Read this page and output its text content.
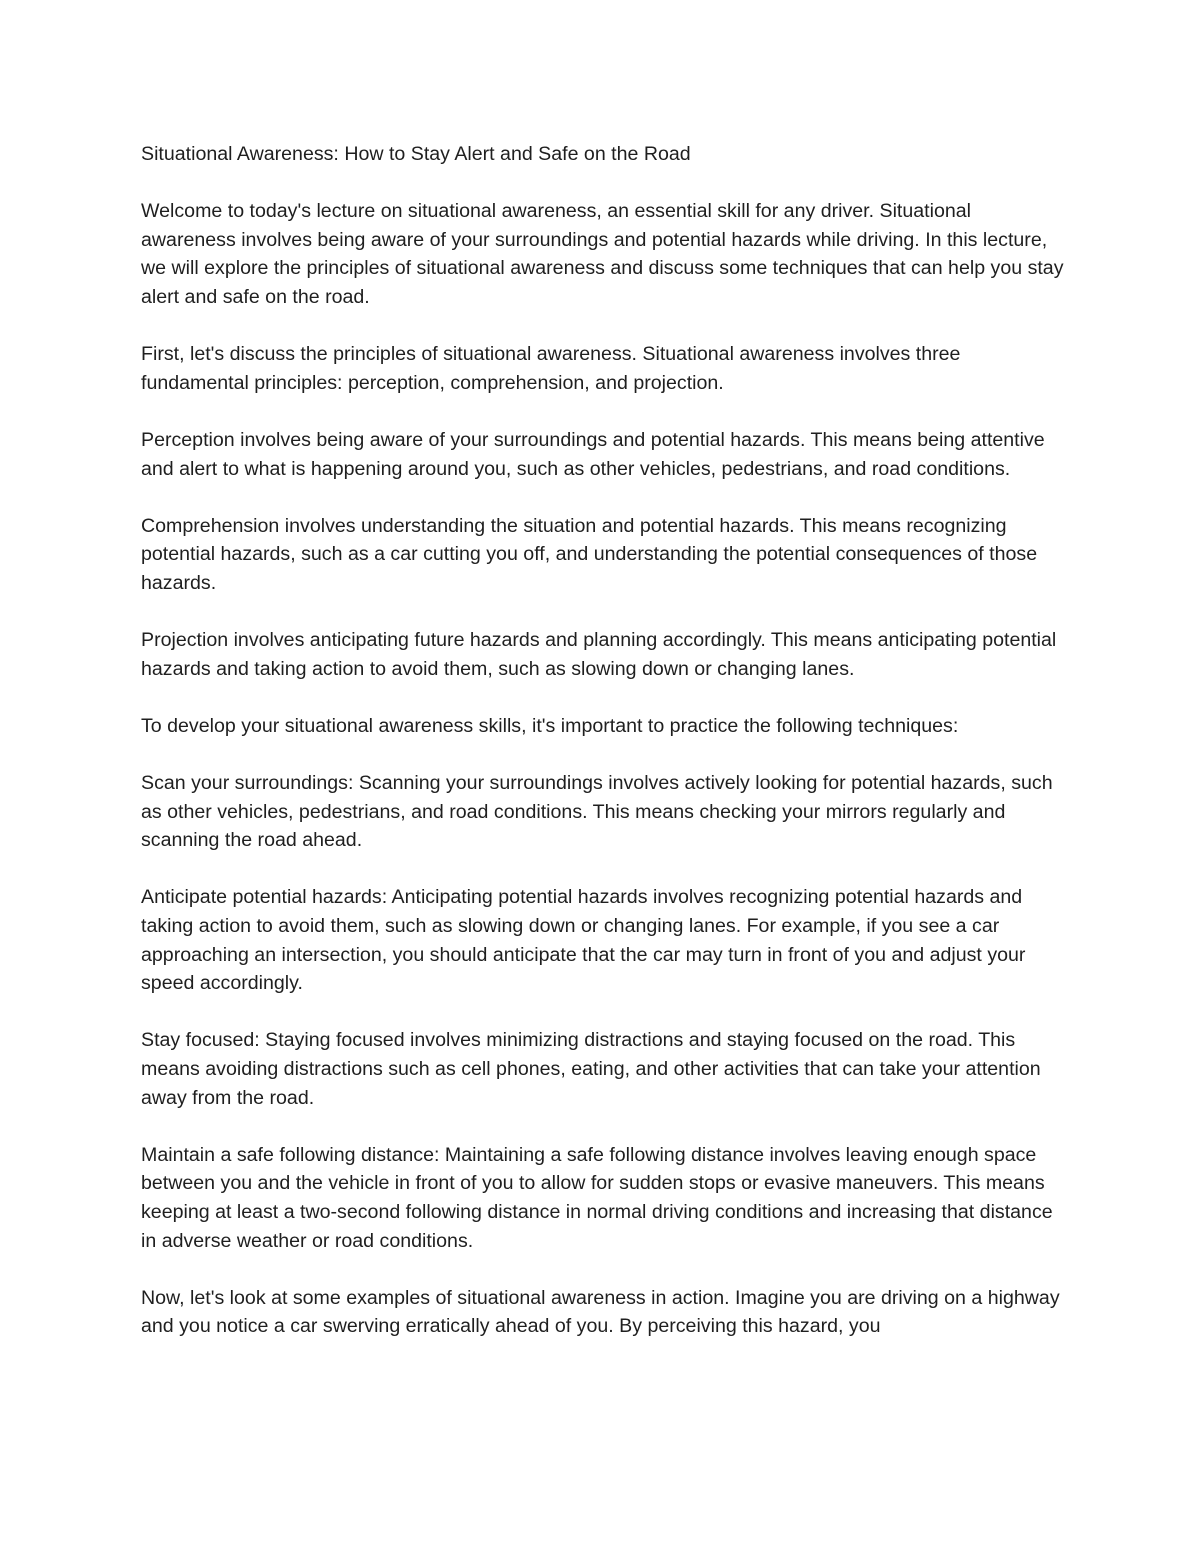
Situational Awareness: How to Stay Alert and Safe on the Road

Welcome to today's lecture on situational awareness, an essential skill for any driver. Situational awareness involves being aware of your surroundings and potential hazards while driving. In this lecture, we will explore the principles of situational awareness and discuss some techniques that can help you stay alert and safe on the road.

First, let's discuss the principles of situational awareness. Situational awareness involves three fundamental principles: perception, comprehension, and projection.

Perception involves being aware of your surroundings and potential hazards. This means being attentive and alert to what is happening around you, such as other vehicles, pedestrians, and road conditions.

Comprehension involves understanding the situation and potential hazards. This means recognizing potential hazards, such as a car cutting you off, and understanding the potential consequences of those hazards.

Projection involves anticipating future hazards and planning accordingly. This means anticipating potential hazards and taking action to avoid them, such as slowing down or changing lanes.

To develop your situational awareness skills, it's important to practice the following techniques:

Scan your surroundings: Scanning your surroundings involves actively looking for potential hazards, such as other vehicles, pedestrians, and road conditions. This means checking your mirrors regularly and scanning the road ahead.

Anticipate potential hazards: Anticipating potential hazards involves recognizing potential hazards and taking action to avoid them, such as slowing down or changing lanes. For example, if you see a car approaching an intersection, you should anticipate that the car may turn in front of you and adjust your speed accordingly.

Stay focused: Staying focused involves minimizing distractions and staying focused on the road. This means avoiding distractions such as cell phones, eating, and other activities that can take your attention away from the road.

Maintain a safe following distance: Maintaining a safe following distance involves leaving enough space between you and the vehicle in front of you to allow for sudden stops or evasive maneuvers. This means keeping at least a two-second following distance in normal driving conditions and increasing that distance in adverse weather or road conditions.

Now, let's look at some examples of situational awareness in action. Imagine you are driving on a highway and you notice a car swerving erratically ahead of you. By perceiving this hazard, you
